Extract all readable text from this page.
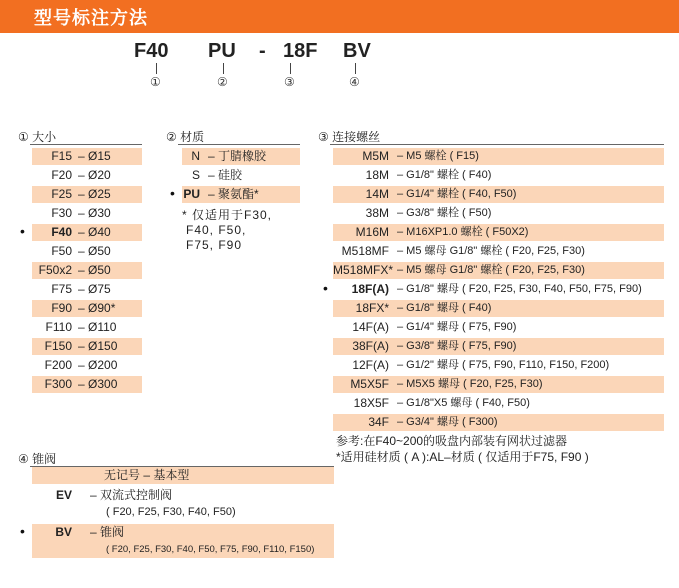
型号标注方法
① 大小	② 材质	③ 连接螺丝
参考:在F40~200的吸盘内部装有网状过滤器
*适用硅材质 ( A ):AL–材质 ( 仅适用于F75, F90 )
④ 锥阀
F40 PU - 18F BV
①	②	③	④
F15 – Ø15
F20 – Ø20
F25 – Ø25
F30 – Ø30
F40 – Ø40
•
F50 – Ø50
F50x2 – Ø50
F75 – Ø75
F90 – Ø90*
F110 – Ø110
F150 – Ø150
F200 – Ø200
F300 – Ø300
N – 丁腈橡胶
S – 硅胶
PU – 聚氨酯*
•
M5M – M5 螺栓 ( F15)
18M – G1/8" 螺栓 ( F40)
14M – G1/4" 螺栓 ( F40, F50)
38M – G3/8" 螺栓 ( F50)
M16M – M16XP1.0 螺栓 ( F50X2)
M518MF – M5 螺母 G1/8" 螺栓 ( F20, F25, F30)
M518MFX* – M5 螺母 G1/8" 螺栓 ( F20, F25, F30)
18F(A) – G1/8" 螺母 ( F20, F25, F30, F40, F50, F75, F90)
•
18FX* – G1/8" 螺母 ( F40)
14F(A) – G1/4" 螺母 ( F75, F90)
38F(A) – G3/8" 螺母 ( F75, F90)
12F(A) – G1/2" 螺母 ( F75, F90, F110, F150, F200)
M5X5F – M5X5 螺母 ( F20, F25, F30)
18X5F – G1/8"X5 螺母 ( F40, F50)
34F – G3/4" 螺母 ( F300)
* 仅适用于F30,
F40, F50,
F75, F90
无记号 – 基本型
EV – 双流式控制阀
( F20, F25, F30, F40, F50)
BV – 锥阀
( F20, F25, F30, F40, F50, F75, F90, F110, F150)
•
